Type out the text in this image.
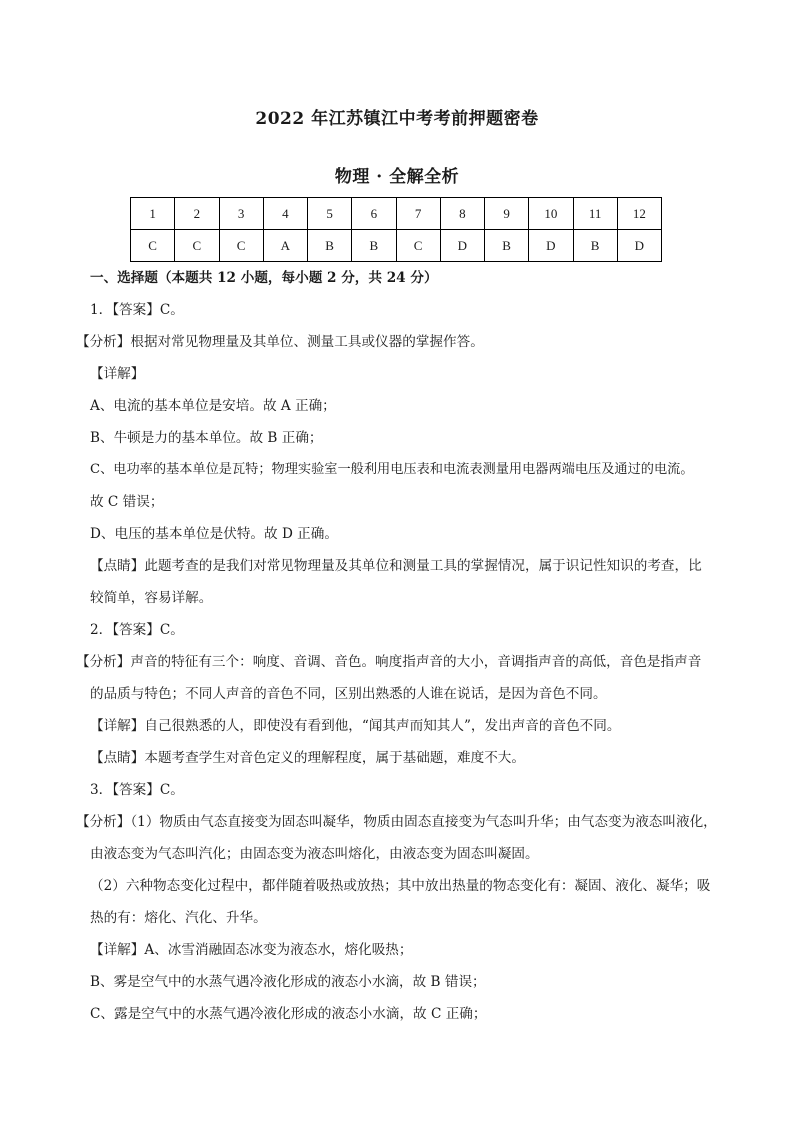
2022 年江苏镇江中考考前押题密卷
物理 · 全解全析
1	2	3	4	5	6	7	8	9	10	11	12
C	C	C	A	B	B	C	D	B	D	B	D
一、选择题（本题共 12 小题，每小题 2 分，共 24 分）
1．【答案】C。
【分析】根据对常见物理量及其单位、测量工具或仪器的掌握作答。
【详解】
A、电流的基本单位是安培。故 A 正确；
B、牛顿是力的基本单位。故 B 正确；
C、电功率的基本单位是瓦特；物理实验室一般利用电压表和电流表测量用电器两端电压及通过的电流。
故 C 错误；
D、电压的基本单位是伏特。故 D 正确。
【点睛】此题考查的是我们对常见物理量及其单位和测量工具的掌握情况，属于识记性知识的考查，比
较简单，容易详解。
2．【答案】C。
【分析】声音的特征有三个：响度、音调、音色。响度指声音的大小，音调指声音的高低，音色是指声音
的品质与特色；不同人声音的音色不同，区别出熟悉的人谁在说话，是因为音色不同。
【详解】自己很熟悉的人，即使没有看到他，“闻其声而知其人”，发出声音的音色不同。
【点睛】本题考查学生对音色定义的理解程度，属于基础题，难度不大。
3．【答案】C。
【分析】（1）物质由气态直接变为固态叫凝华，物质由固态直接变为气态叫升华；由气态变为液态叫液化，
由液态变为气态叫汽化；由固态变为液态叫熔化，由液态变为固态叫凝固。
（2）六种物态变化过程中，都伴随着吸热或放热；其中放出热量的物态变化有：凝固、液化、凝华；吸
热的有：熔化、汽化、升华。
【详解】A、冰雪消融固态冰变为液态水，熔化吸热；
B、雾是空气中的水蒸气遇冷液化形成的液态小水滴，故 B 错误；
C、露是空气中的水蒸气遇冷液化形成的液态小水滴，故 C 正确；
